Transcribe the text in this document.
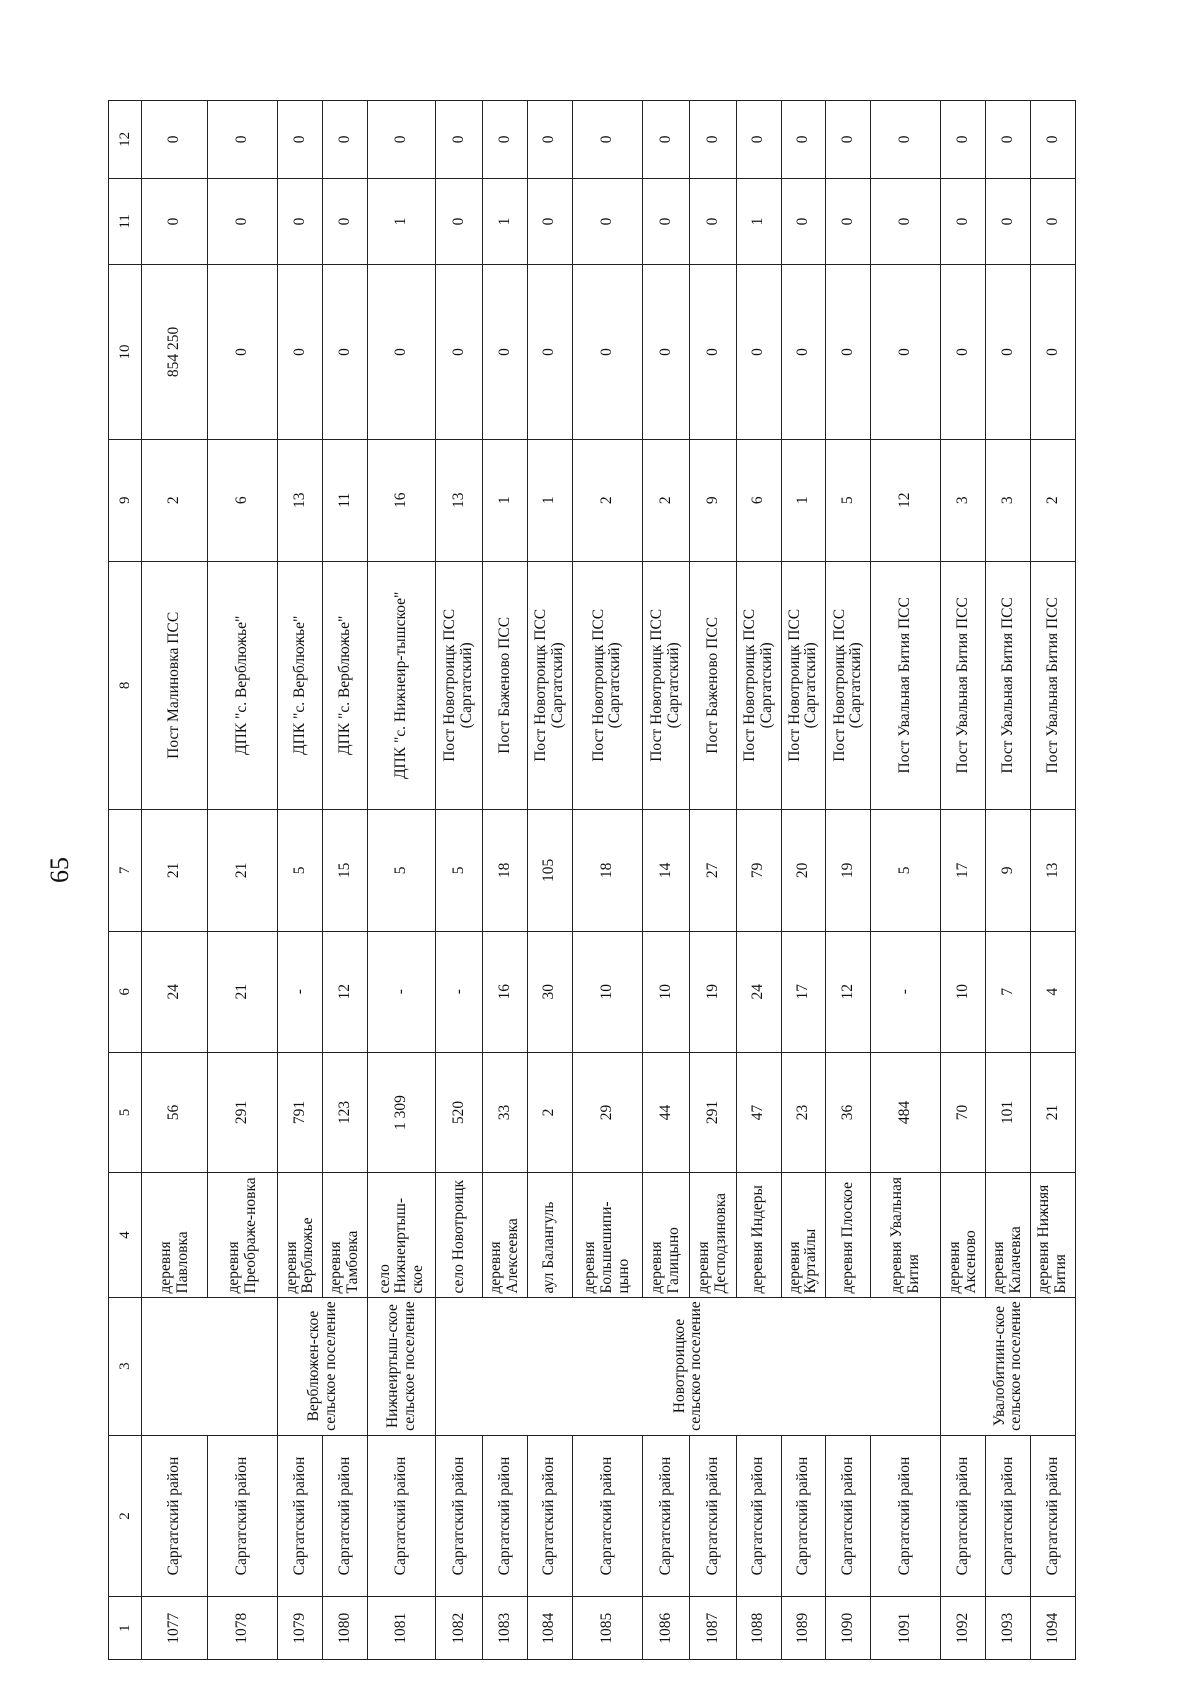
65
1	2	3	4	5	6	7	8	9	10	11	12
1077	Саргатский район		деревня Павловка	56	24	21	Пост Малиновка ПСС	2	854 250	0	0
1078	Саргатский район		деревня Преображе-новка	291	21	21	ДПК "с. Верблюжье"	6	0	0	0
1079	Саргатский район	Верблюжен-ское сельское поселение	деревня Верблюжье	791	-	5	ДПК "с. Верблюжье"	13	0	0	0
1080	Саргатский район		деревня Тамбовка	123	12	15	ДПК "с. Верблюжье"	11	0	0	0
1081	Саргатский район	Нижнеиртыш-ское сельское поселение	село Нижнеиртыш-ское	1 309	-	5	ДПК "с. Нижнеир-тышское"	16	0	1	0
1082	Саргатский район	Новотроицкое сельское поселение	село Новотроицк	520	-	5	Пост Новотроицк ПСС (Саргатский)	13	0	0	0
1083	Саргатский район		деревня Алексеевка	33	16	18	Пост Баженово ПСС	1	0	1	0
1084	Саргатский район		аул Балангуль	2	30	105	Пост Новотроицк ПСС (Саргатский)	1	0	0	0
1085	Саргатский район		деревня Большешипи-цыно	29	10	18	Пост Новотроицк ПСС (Саргатский)	2	0	0	0
1086	Саргатский район		деревня Галицыно	44	10	14	Пост Новотроицк ПСС (Саргатский)	2	0	0	0
1087	Саргатский район		деревня Десподзиновка	291	19	27	Пост Баженово ПСС	9	0	0	0
1088	Саргатский район		деревня Индеры	47	24	79	Пост Новотроицк ПСС (Саргатский)	6	0	1	0
1089	Саргатский район		деревня Куртайлы	23	17	20	Пост Новотроицк ПСС (Саргатский)	1	0	0	0
1090	Саргатский район		деревня Плоское	36	12	19	Пост Новотроицк ПСС (Саргатский)	5	0	0	0
1091	Саргатский район		деревня Увальная Бития	484	-	5	Пост Увальная Бития ПСС	12	0	0	0
1092	Саргатский район	Увалобитиин-ское сельское поселение	деревня Аксеново	70	10	17	Пост Увальная Бития ПСС	3	0	0	0
1093	Саргатский район		деревня Калачевка	101	7	9	Пост Увальная Бития ПСС	3	0	0	0
1094	Саргатский район		деревня Нижняя Бития	21	4	13	Пост Увальная Бития ПСС	2	0	0	0
